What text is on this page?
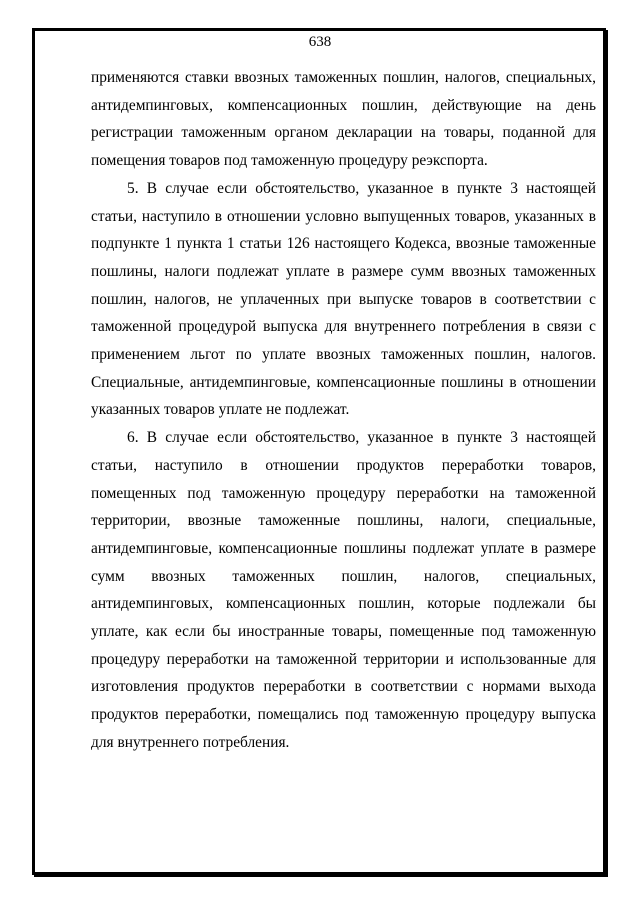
638

применяются ставки ввозных таможенных пошлин, налогов, специальных, антидемпинговых, компенсационных пошлин, действующие на день регистрации таможенным органом декларации на товары, поданной для помещения товаров под таможенную процедуру реэкспорта.

5. В случае если обстоятельство, указанное в пункте 3 настоящей статьи, наступило в отношении условно выпущенных товаров, указанных в подпункте 1 пункта 1 статьи 126 настоящего Кодекса, ввозные таможенные пошлины, налоги подлежат уплате в размере сумм ввозных таможенных пошлин, налогов, не уплаченных при выпуске товаров в соответствии с таможенной процедурой выпуска для внутреннего потребления в связи с применением льгот по уплате ввозных таможенных пошлин, налогов. Специальные, антидемпинговые, компенсационные пошлины в отношении указанных товаров уплате не подлежат.

6. В случае если обстоятельство, указанное в пункте 3 настоящей статьи, наступило в отношении продуктов переработки товаров, помещенных под таможенную процедуру переработки на таможенной территории, ввозные таможенные пошлины, налоги, специальные, антидемпинговые, компенсационные пошлины подлежат уплате в размере сумм ввозных таможенных пошлин, налогов, специальных, антидемпинговых, компенсационных пошлин, которые подлежали бы уплате, как если бы иностранные товары, помещенные под таможенную процедуру переработки на таможенной территории и использованные для изготовления продуктов переработки в соответствии с нормами выхода продуктов переработки, помещались под таможенную процедуру выпуска для внутреннего потребления.
